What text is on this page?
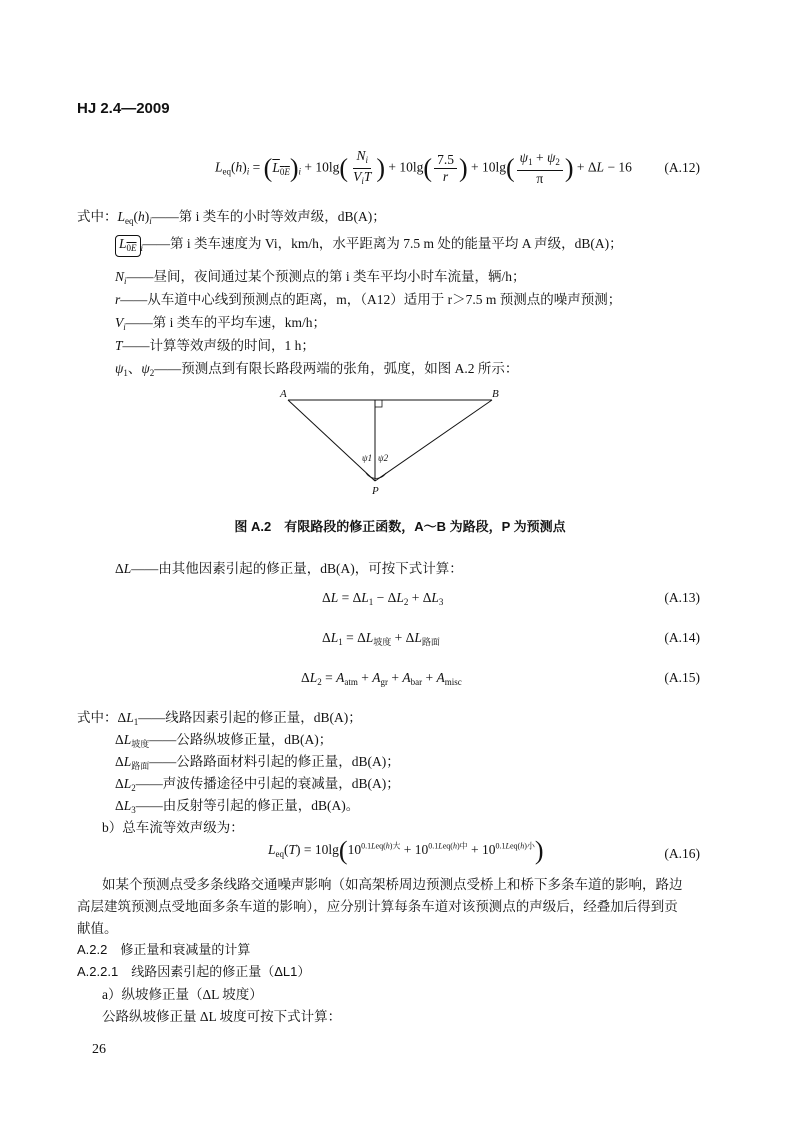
HJ 2.4—2009
$L_{eq}(h)_i = (L_{0E})_i + 10\lg( \frac{N_i}{V_iT}$ ) + $10\lg( \frac{7.5}{r}$ ) + $10\lg( \frac{\psi_1 + \psi_2}{\pi}$ ) + ΔL − 16 (A.12)
式中：$L_{eq}(h)_i——$第 i 类车的小时等效声级，dB(A)；
$L_{0E}$ $_i$——第 i 类车速度为 Vi，km/h，水平距离为 7.5 m 处的能量平均 A 声级，dB(A)；
$N_i——$昼间，夜间通过某个预测点的第 i 类车平均小时车流量，辆/h；
r——从车道中心线到预测点的距离，m，（A12）适用于 r＞7.5 m 预测点的噪声预测；
$V_i——$第 i 类车的平均车速，km/h；
T——计算等效声级的时间，1 h；
$\psi_1$、$\psi_2——$预测点到有限长路段两端的张角，弧度，如图 A.2 所示：
A	B
P
ψ1 ψ2
图 A.2　有限路段的修正函数，A～B 为路段，P 为预测点
ΔL——由其他因素引起的修正量，dB(A)，可按下式计算：
$\Delta L = \Delta L_1 - \Delta L_2 + \Delta L_3$	(A.13)
$\Delta L_1 = \Delta L_{坡度} + \Delta L_{路面}$	(A.14)
$\Delta L_2 = A_{atm} + A_{gr} + A_{bar} + A_{misc}$	(A.15)
式中：$\Delta L_1——$线路因素引起的修正量，dB(A)；
$\Delta L_{坡度}——$公路纵坡修正量，dB(A)；
$\Delta L_{路面}——$公路路面材料引起的修正量，dB(A)；
$\Delta L_2——$声波传播途径中引起的衰减量，dB(A)；
$\Delta L_3——$由反射等引起的修正量，dB(A)。
b）总车流等效声级为：
$L_{eq}(T) = 10\lg(10^{0.1Leq(h)大} + 10^{0.1Leq(h)中} + 10^{0.1Leq(h)小})$	(A.16)
如某个预测点受多条线路交通噪声影响（如高架桥周边预测点受桥上和桥下多条车道的影响，路边
高层建筑预测点受地面多条车道的影响），应分别计算每条车道对该预测点的声级后，经叠加后得到贡
献值。
A.2.2　修正量和衰减量的计算
A.2.2.1　线路因素引起的修正量（ΔL1）
a）纵坡修正量（ΔL 坡度）
公路纵坡修正量 ΔL 坡度可按下式计算：
26
